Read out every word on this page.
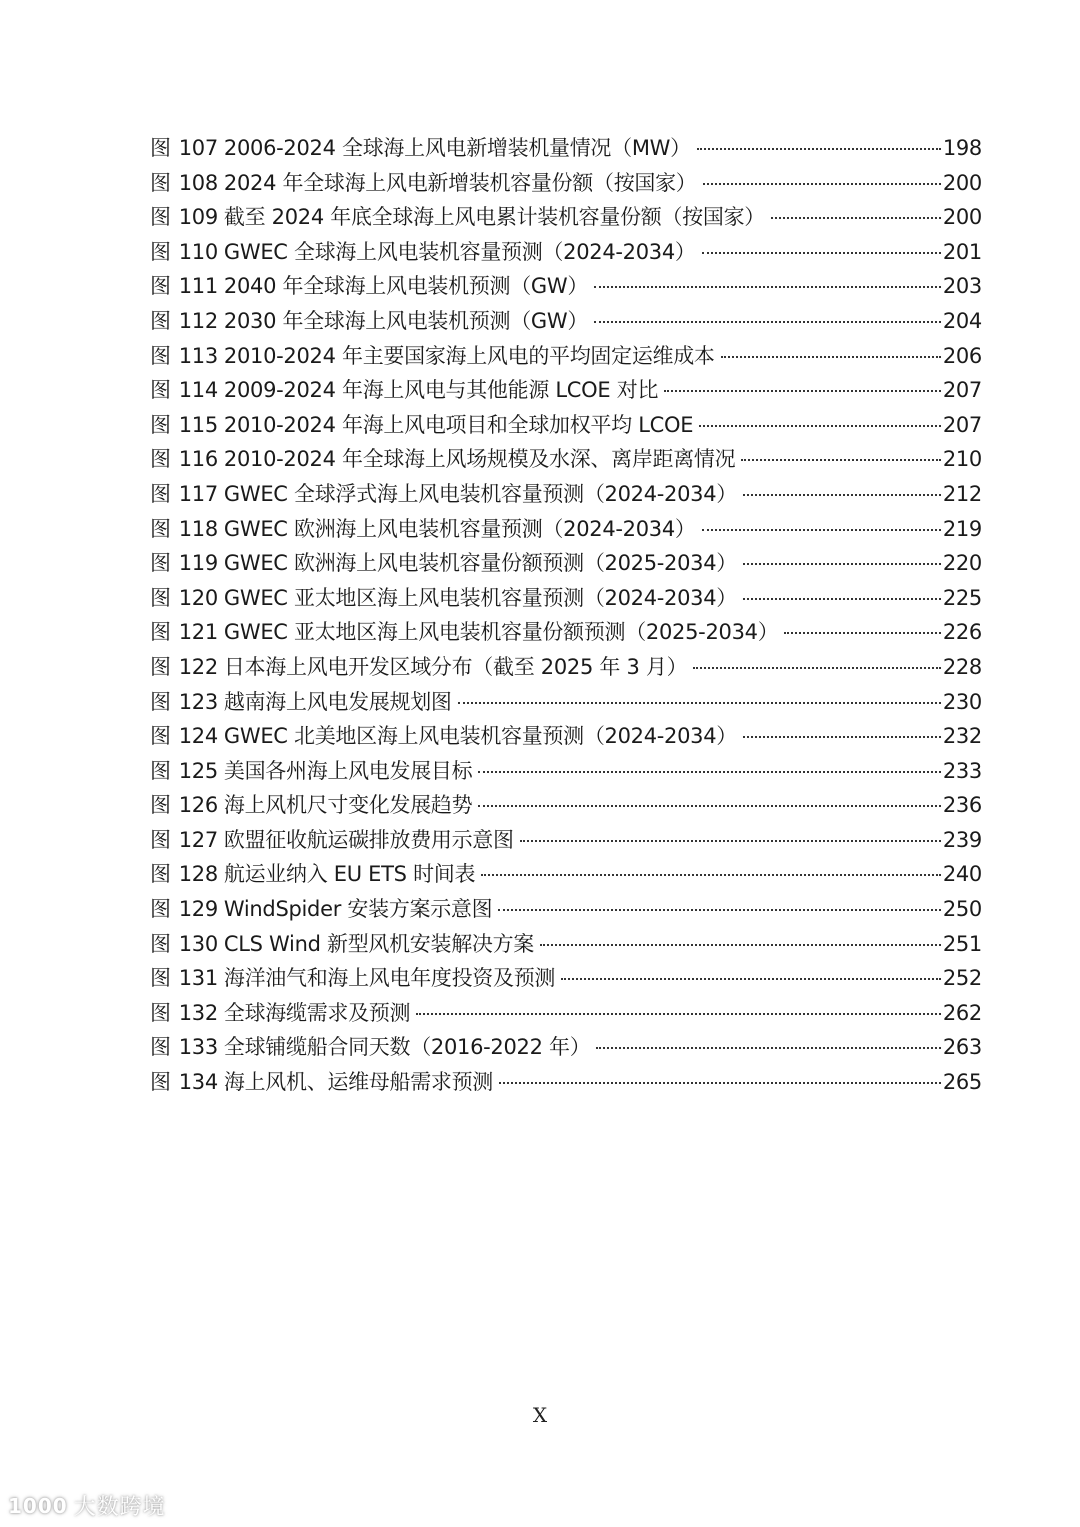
图 107 2006-2024 全球海上风电新增装机量情况（MW）	198
图 108 2024 年全球海上风电新增装机容量份额（按国家）	200
图 109 截至 2024 年底全球海上风电累计装机容量份额（按国家）	200
图 110 GWEC 全球海上风电装机容量预测（2024-2034）	201
图 111 2040 年全球海上风电装机预测（GW）	203
图 112 2030 年全球海上风电装机预测（GW）	204
图 113 2010-2024 年主要国家海上风电的平均固定运维成本	206
图 114 2009-2024 年海上风电与其他能源 LCOE 对比	207
图 115 2010-2024 年海上风电项目和全球加权平均 LCOE	207
图 116 2010-2024 年全球海上风场规模及水深、离岸距离情况	210
图 117 GWEC 全球浮式海上风电装机容量预测（2024-2034）	212
图 118 GWEC 欧洲海上风电装机容量预测（2024-2034）	219
图 119 GWEC 欧洲海上风电装机容量份额预测（2025-2034）	220
图 120 GWEC 亚太地区海上风电装机容量预测（2024-2034）	225
图 121 GWEC 亚太地区海上风电装机容量份额预测（2025-2034）	226
图 122 日本海上风电开发区域分布（截至 2025 年 3 月）	228
图 123 越南海上风电发展规划图	230
图 124 GWEC 北美地区海上风电装机容量预测（2024-2034）	232
图 125 美国各州海上风电发展目标	233
图 126 海上风机尺寸变化发展趋势	236
图 127 欧盟征收航运碳排放费用示意图	239
图 128 航运业纳入 EU ETS 时间表	240
图 129 WindSpider 安装方案示意图	250
图 130 CLS Wind 新型风机安装解决方案	251
图 131 海洋油气和海上风电年度投资及预测	252
图 132 全球海缆需求及预测	262
图 133 全球铺缆船合同天数（2016-2022 年）	263
图 134 海上风机、运维母船需求预测	265
X
1000 大数跨境
